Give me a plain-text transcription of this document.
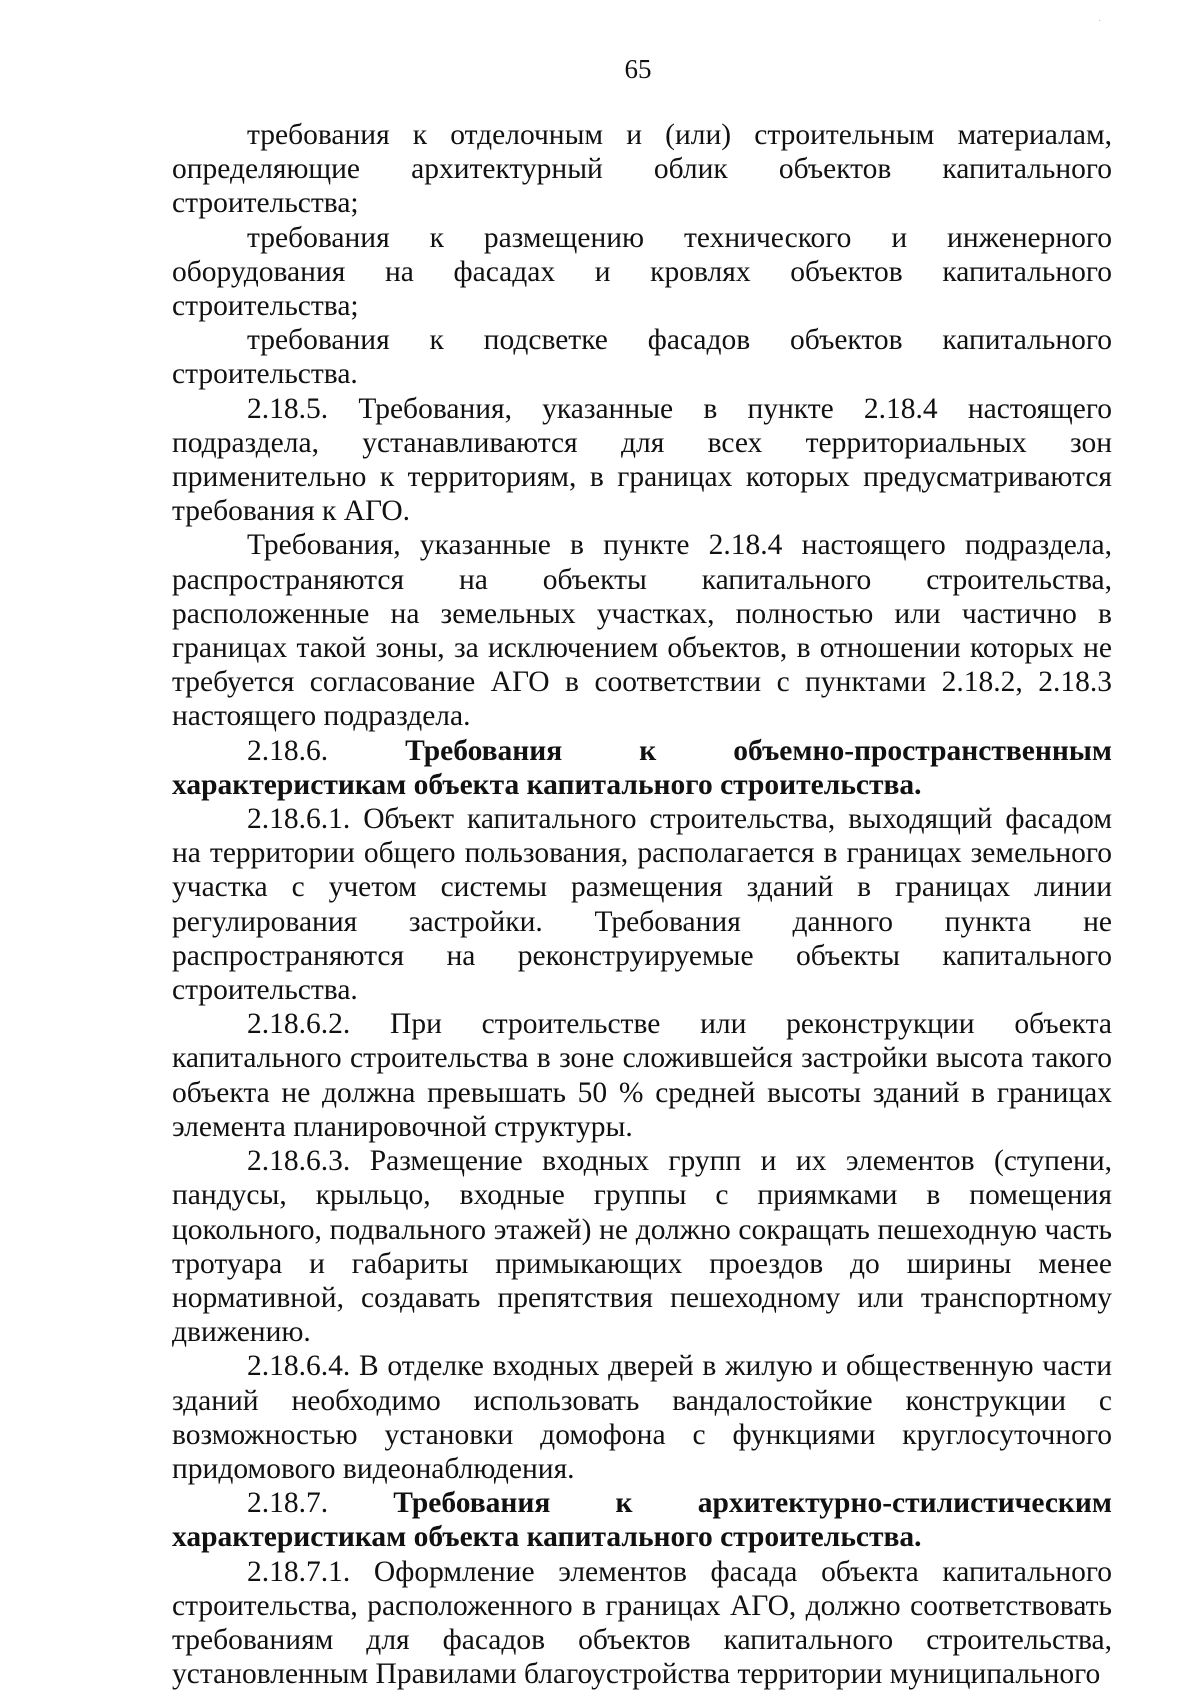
·
65

требования к отделочным и (или) строительным материалам, определяющие архитектурный облик объектов капитального строительства;

требования к размещению технического и инженерного оборудования на фасадах и кровлях объектов капитального строительства;

требования к подсветке фасадов объектов капитального строительства.

2.18.5. Требования, указанные в пункте 2.18.4 настоящего подраздела, устанавливаются для всех территориальных зон применительно к территориям, в границах которых предусматриваются требования к АГО.

Требования, указанные в пункте 2.18.4 настоящего подраздела, распространяются на объекты капитального строительства, расположенные на земельных участках, полностью или частично в границах такой зоны, за исключением объектов, в отношении которых не требуется согласование АГО в соответствии с пунктами 2.18.2, 2.18.3 настоящего подраздела.

2.18.6.	Требования к объемно-пространственным характеристикам объекта капитального строительства.

2.18.6.1. Объект капитального строительства, выходящий фасадом на территории общего пользования, располагается в границах земельного участка с учетом системы размещения зданий в границах линии регулирования застройки. Требования данного пункта не распространяются на реконструируемые объекты капитального строительства.

2.18.6.2. При строительстве или реконструкции объекта капитального строительства в зоне сложившейся застройки высота такого объекта не должна превышать 50 % средней высоты зданий в границах элемента планировочной структуры.

2.18.6.3. Размещение входных групп и их элементов (ступени, пандусы, крыльцо, входные группы с приямками в помещения цокольного, подвального этажей) не должно сокращать пешеходную часть тротуара и габариты примыкающих проездов до ширины менее нормативной, создавать препятствия пешеходному или транспортному движению.

2.18.6.4. В отделке входных дверей в жилую и общественную части зданий необходимо использовать вандалостойкие конструкции с возможностью установки домофона с функциями круглосуточного придомового видеонаблюдения.

2.18.7. Требования к архитектурно-стилистическим характеристикам объекта капитального строительства.

2.18.7.1. Оформление элементов фасада объекта капитального строительства, расположенного в границах АГО, должно соответствовать требованиям для фасадов объектов капитального строительства, установленным Правилами благоустройства территории муниципального
